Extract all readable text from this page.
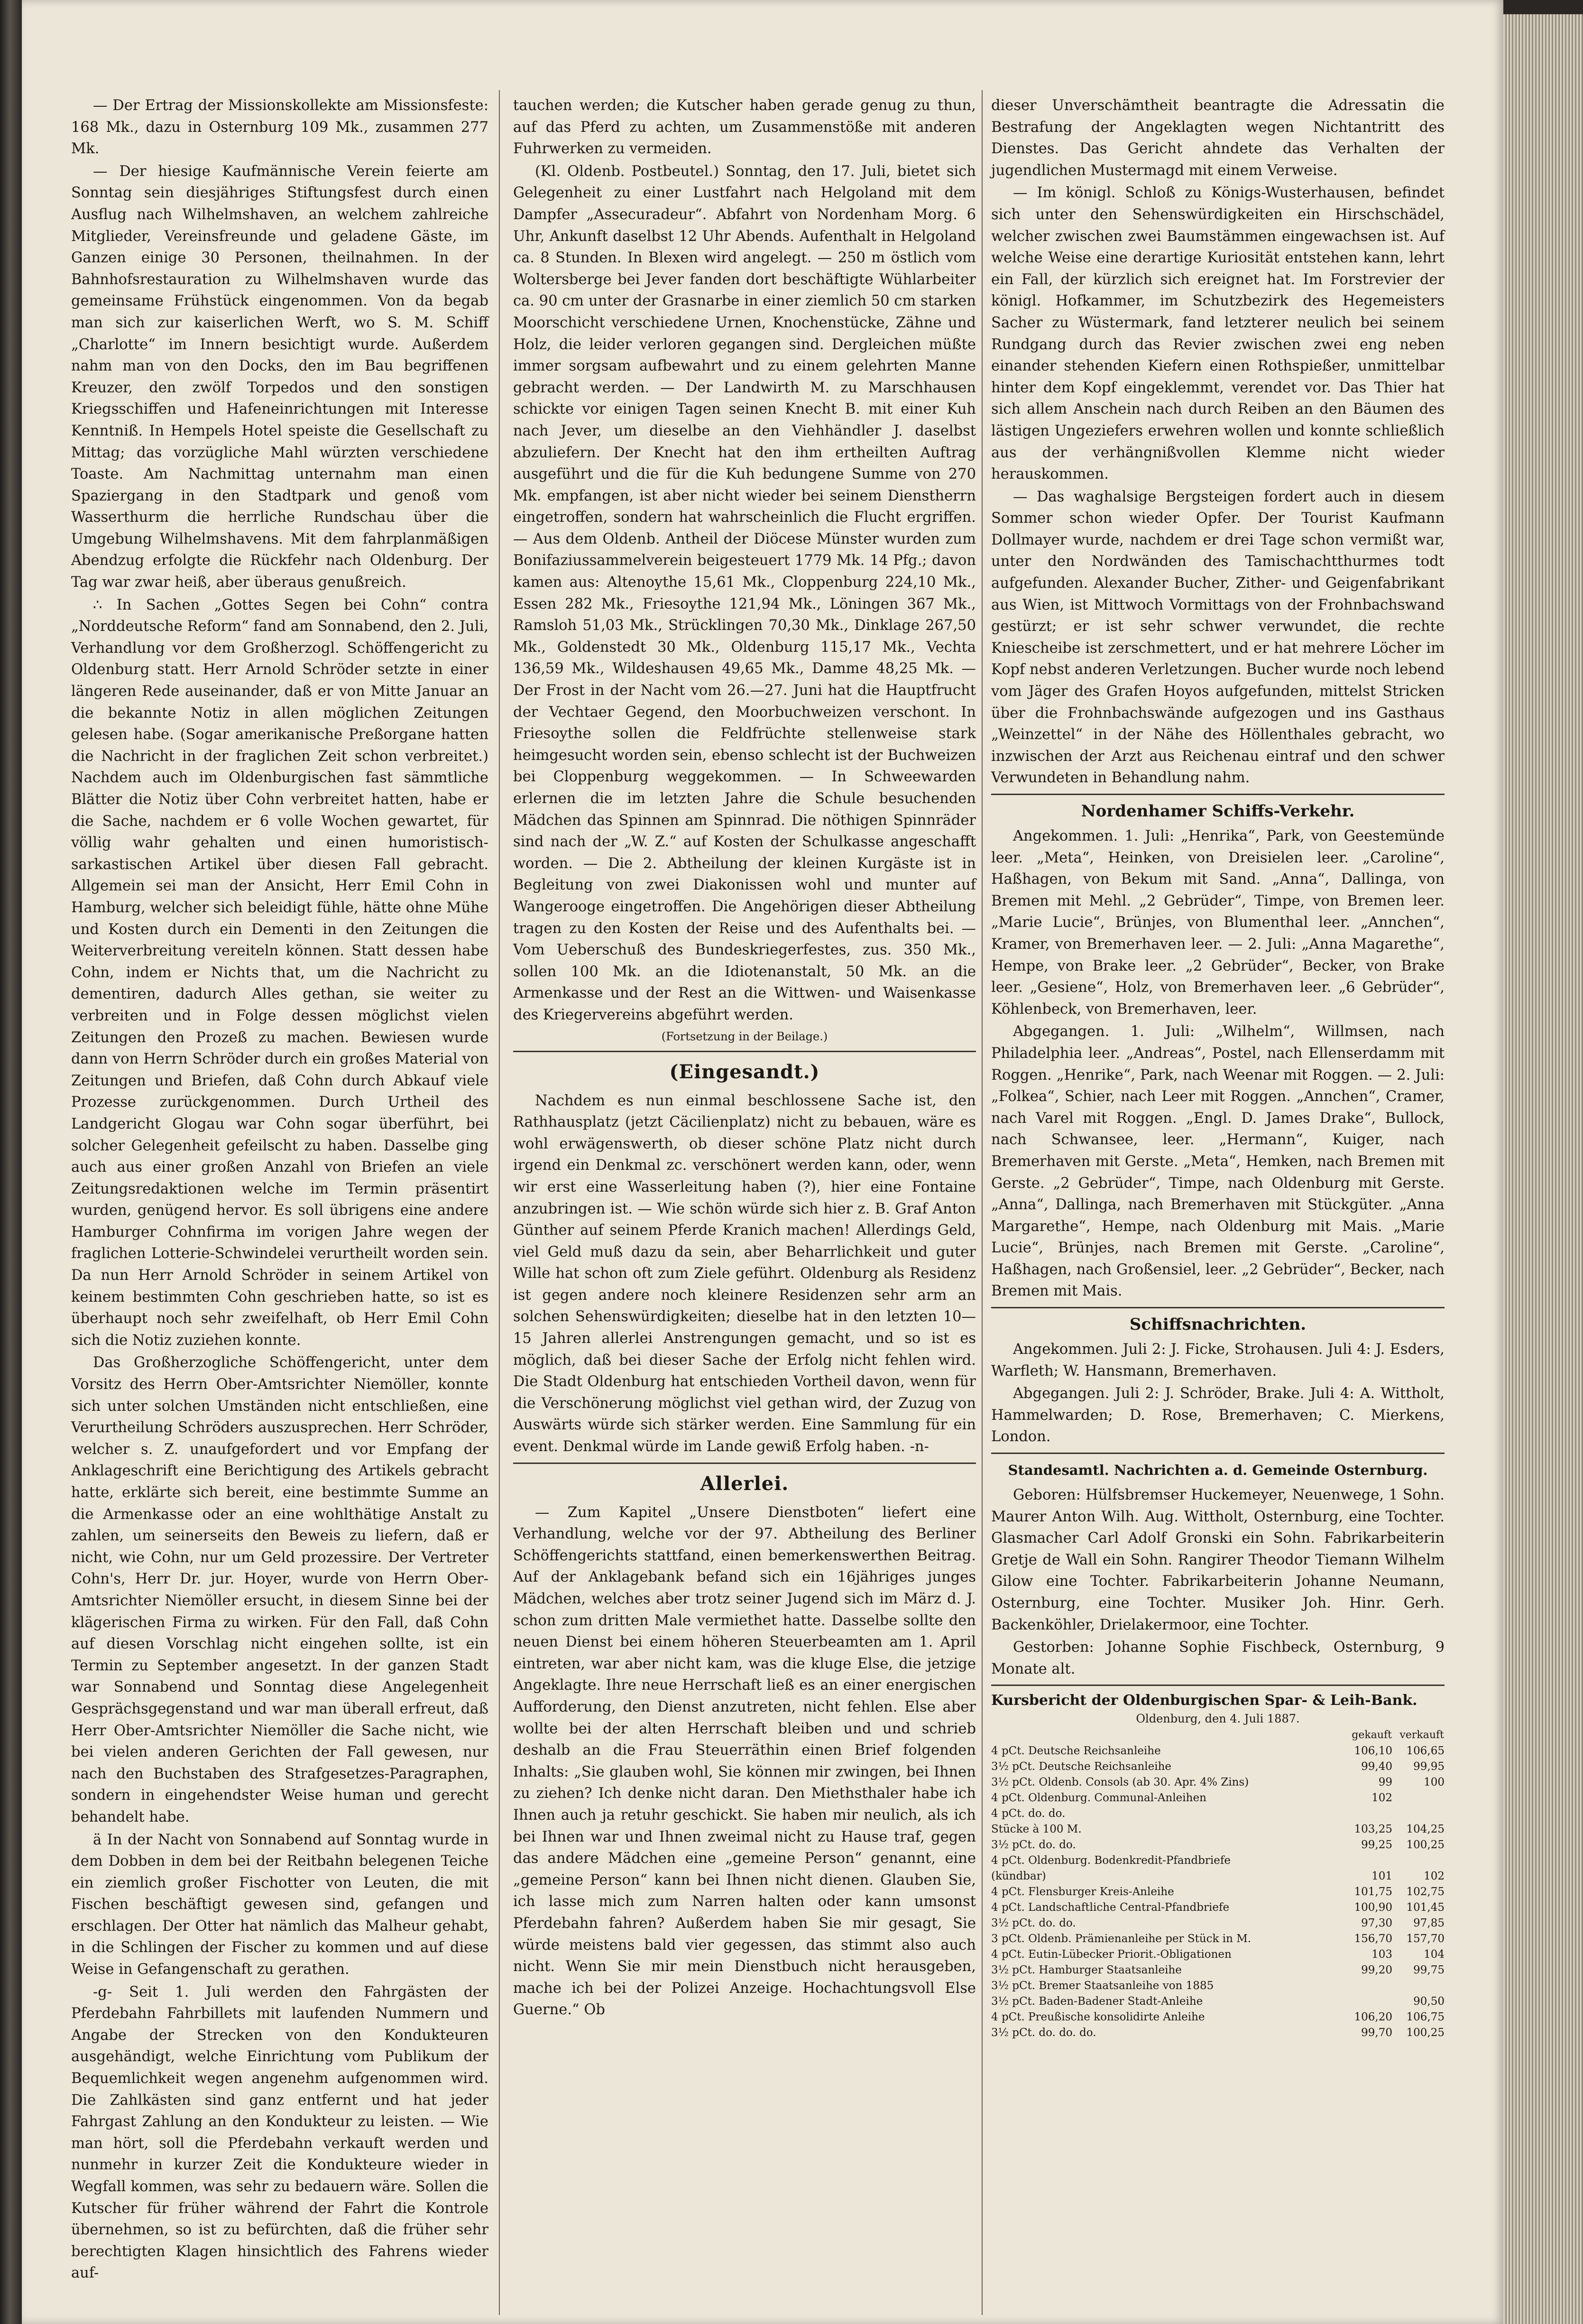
— Der Ertrag der Missionskollekte am Missionsfeste: 168 Mk., dazu in Osternburg 109 Mk., zusammen 277 Mk.

— Der hiesige Kaufmännische Verein feierte am Sonntag sein diesjähriges Stiftungsfest durch einen Ausflug nach Wilhelmshaven, an welchem zahlreiche Mitglieder, Vereinsfreunde und geladene Gäste, im Ganzen einige 30 Personen, theilnahmen. In der Bahnhofsrestauration zu Wilhelmshaven wurde das gemeinsame Frühstück eingenommen. Von da begab man sich zur kaiserlichen Werft, wo S. M. Schiff „Charlotte“ im Innern besichtigt wurde. Außerdem nahm man von den Docks, den im Bau begriffenen Kreuzer, den zwölf Torpedos und den sonstigen Kriegsschiffen und Hafeneinrichtungen mit Interesse Kenntniß. In Hempels Hotel speiste die Gesellschaft zu Mittag; das vorzügliche Mahl würzten verschiedene Toaste. Am Nachmittag unternahm man einen Spaziergang in den Stadtpark und genoß vom Wasserthurm die herrliche Rundschau über die Umgebung Wilhelmshavens. Mit dem fahrplanmäßigen Abendzug erfolgte die Rückfehr nach Oldenburg. Der Tag war zwar heiß, aber überaus genußreich.

∴ In Sachen „Gottes Segen bei Cohn“ contra „Norddeutsche Reform“ fand am Sonnabend, den 2. Juli, Verhandlung vor dem Großherzogl. Schöffengericht zu Oldenburg statt. Herr Arnold Schröder setzte in einer längeren Rede auseinander, daß er von Mitte Januar an die bekannte Notiz in allen möglichen Zeitungen gelesen habe. (Sogar amerikanische Preßorgane hatten die Nachricht in der fraglichen Zeit schon verbreitet.) Nachdem auch im Oldenburgischen fast sämmtliche Blätter die Notiz über Cohn verbreitet hatten, habe er die Sache, nachdem er 6 volle Wochen gewartet, für völlig wahr gehalten und einen humoristisch-sarkastischen Artikel über diesen Fall gebracht. Allgemein sei man der Ansicht, Herr Emil Cohn in Hamburg, welcher sich beleidigt fühle, hätte ohne Mühe und Kosten durch ein Dementi in den Zeitungen die Weiterverbreitung vereiteln können. Statt dessen habe Cohn, indem er Nichts that, um die Nachricht zu dementiren, dadurch Alles gethan, sie weiter zu verbreiten und in Folge dessen möglichst vielen Zeitungen den Prozeß zu machen. Bewiesen wurde dann von Herrn Schröder durch ein großes Material von Zeitungen und Briefen, daß Cohn durch Abkauf viele Prozesse zurückgenommen. Durch Urtheil des Landgericht Glogau war Cohn sogar überführt, bei solcher Gelegenheit gefeilscht zu haben. Dasselbe ging auch aus einer großen Anzahl von Briefen an viele Zeitungsredaktionen welche im Termin präsentirt wurden, genügend hervor. Es soll übrigens eine andere Hamburger Cohnfirma im vorigen Jahre wegen der fraglichen Lotterie-Schwindelei verurtheilt worden sein. Da nun Herr Arnold Schröder in seinem Artikel von keinem bestimmten Cohn geschrieben hatte, so ist es überhaupt noch sehr zweifelhaft, ob Herr Emil Cohn sich die Notiz zuziehen konnte.

Das Großherzogliche Schöffengericht, unter dem Vorsitz des Herrn Ober-Amtsrichter Niemöller, konnte sich unter solchen Umständen nicht entschließen, eine Verurtheilung Schröders auszusprechen. Herr Schröder, welcher s. Z. unaufgefordert und vor Empfang der Anklageschrift eine Berichtigung des Artikels gebracht hatte, erklärte sich bereit, eine bestimmte Summe an die Armenkasse oder an eine wohlthätige Anstalt zu zahlen, um seinerseits den Beweis zu liefern, daß er nicht, wie Cohn, nur um Geld prozessire. Der Vertreter Cohn's, Herr Dr. jur. Hoyer, wurde von Herrn Ober-Amtsrichter Niemöller ersucht, in diesem Sinne bei der klägerischen Firma zu wirken. Für den Fall, daß Cohn auf diesen Vorschlag nicht eingehen sollte, ist ein Termin zu September angesetzt. In der ganzen Stadt war Sonnabend und Sonntag diese Angelegenheit Gesprächsgegenstand und war man überall erfreut, daß Herr Ober-Amtsrichter Niemöller die Sache nicht, wie bei vielen anderen Gerichten der Fall gewesen, nur nach den Buchstaben des Strafgesetzes-Paragraphen, sondern in eingehendster Weise human und gerecht behandelt habe.

ä In der Nacht von Sonnabend auf Sonntag wurde in dem Dobben in dem bei der Reitbahn belegenen Teiche ein ziemlich großer Fischotter von Leuten, die mit Fischen beschäftigt gewesen sind, gefangen und erschlagen. Der Otter hat nämlich das Malheur gehabt, in die Schlingen der Fischer zu kommen und auf diese Weise in Gefangenschaft zu gerathen.

-g- Seit 1. Juli werden den Fahrgästen der Pferdebahn Fahrbillets mit laufenden Nummern und Angabe der Strecken von den Kondukteuren ausgehändigt, welche Einrichtung vom Publikum der Bequemlichkeit wegen angenehm aufgenommen wird. Die Zahlkästen sind ganz entfernt und hat jeder Fahrgast Zahlung an den Kondukteur zu leisten. — Wie man hört, soll die Pferdebahn verkauft werden und nunmehr in kurzer Zeit die Kondukteure wieder in Wegfall kommen, was sehr zu bedauern wäre. Sollen die Kutscher für früher während der Fahrt die Kontrole übernehmen, so ist zu befürchten, daß die früher sehr berechtigten Klagen hinsichtlich des Fahrens wieder auf-

tauchen werden; die Kutscher haben gerade genug zu thun, auf das Pferd zu achten, um Zusammenstöße mit anderen Fuhrwerken zu vermeiden.

(Kl. Oldenb. Postbeutel.) Sonntag, den 17. Juli, bietet sich Gelegenheit zu einer Lustfahrt nach Helgoland mit dem Dampfer „Assecuradeur“. Abfahrt von Nordenham Morg. 6 Uhr, Ankunft daselbst 12 Uhr Abends. Aufenthalt in Helgoland ca. 8 Stunden. In Blexen wird angelegt. — 250 m östlich vom Woltersberge bei Jever fanden dort beschäftigte Wühlarbeiter ca. 90 cm unter der Grasnarbe in einer ziemlich 50 cm starken Moorschicht verschiedene Urnen, Knochenstücke, Zähne und Holz, die leider verloren gegangen sind. Dergleichen müßte immer sorgsam aufbewahrt und zu einem gelehrten Manne gebracht werden. — Der Landwirth M. zu Marschhausen schickte vor einigen Tagen seinen Knecht B. mit einer Kuh nach Jever, um dieselbe an den Viehhändler J. daselbst abzuliefern. Der Knecht hat den ihm ertheilten Auftrag ausgeführt und die für die Kuh bedungene Summe von 270 Mk. empfangen, ist aber nicht wieder bei seinem Dienstherrn eingetroffen, sondern hat wahrscheinlich die Flucht ergriffen. — Aus dem Oldenb. Antheil der Diöcese Münster wurden zum Bonifaziussammelverein beigesteuert 1779 Mk. 14 Pfg.; davon kamen aus: Altenoythe 15,61 Mk., Cloppenburg 224,10 Mk., Essen 282 Mk., Friesoythe 121,94 Mk., Löningen 367 Mk., Ramsloh 51,03 Mk., Strücklingen 70,30 Mk., Dinklage 267,50 Mk., Goldenstedt 30 Mk., Oldenburg 115,17 Mk., Vechta 136,59 Mk., Wildeshausen 49,65 Mk., Damme 48,25 Mk. — Der Frost in der Nacht vom 26.—27. Juni hat die Hauptfrucht der Vechtaer Gegend, den Moorbuchweizen verschont. In Friesoythe sollen die Feldfrüchte stellenweise stark heimgesucht worden sein, ebenso schlecht ist der Buchweizen bei Cloppenburg weggekommen. — In Schweewarden erlernen die im letzten Jahre die Schule besuchenden Mädchen das Spinnen am Spinnrad. Die nöthigen Spinnräder sind nach der „W. Z.“ auf Kosten der Schulkasse angeschafft worden. — Die 2. Abtheilung der kleinen Kurgäste ist in Begleitung von zwei Diakonissen wohl und munter auf Wangerooge eingetroffen. Die Angehörigen dieser Abtheilung tragen zu den Kosten der Reise und des Aufenthalts bei. — Vom Ueberschuß des Bundeskriegerfestes, zus. 350 Mk., sollen 100 Mk. an die Idiotenanstalt, 50 Mk. an die Armenkasse und der Rest an die Wittwen- und Waisenkasse des Kriegervereins abgeführt werden.

(Fortsetzung in der Beilage.)
(Eingesandt.)

Nachdem es nun einmal beschlossene Sache ist, den Rathhausplatz (jetzt Cäcilienplatz) nicht zu bebauen, wäre es wohl erwägenswerth, ob dieser schöne Platz nicht durch irgend ein Denkmal zc. verschönert werden kann, oder, wenn wir erst eine Wasserleitung haben (?), hier eine Fontaine anzubringen ist. — Wie schön würde sich hier z. B. Graf Anton Günther auf seinem Pferde Kranich machen! Allerdings Geld, viel Geld muß dazu da sein, aber Beharrlichkeit und guter Wille hat schon oft zum Ziele geführt. Oldenburg als Residenz ist gegen andere noch kleinere Residenzen sehr arm an solchen Sehenswürdigkeiten; dieselbe hat in den letzten 10—15 Jahren allerlei Anstrengungen gemacht, und so ist es möglich, daß bei dieser Sache der Erfolg nicht fehlen wird. Die Stadt Oldenburg hat entschieden Vortheil davon, wenn für die Verschönerung möglichst viel gethan wird, der Zuzug von Auswärts würde sich stärker werden. Eine Sammlung für ein event. Denkmal würde im Lande gewiß Erfolg haben. -n-

Allerlei.

— Zum Kapitel „Unsere Dienstboten“ liefert eine Verhandlung, welche vor der 97. Abtheilung des Berliner Schöffengerichts stattfand, einen bemerkenswerthen Beitrag. Auf der Anklagebank befand sich ein 16jähriges junges Mädchen, welches aber trotz seiner Jugend sich im März d. J. schon zum dritten Male vermiethet hatte. Dasselbe sollte den neuen Dienst bei einem höheren Steuerbeamten am 1. April eintreten, war aber nicht kam, was die kluge Else, die jetzige Angeklagte. Ihre neue Herrschaft ließ es an einer energischen Aufforderung, den Dienst anzutreten, nicht fehlen. Else aber wollte bei der alten Herrschaft bleiben und und schrieb deshalb an die Frau Steuerräthin einen Brief folgenden Inhalts: „Sie glauben wohl, Sie können mir zwingen, bei Ihnen zu ziehen? Ich denke nicht daran. Den Miethsthaler habe ich Ihnen auch ja retuhr geschickt. Sie haben mir neulich, als ich bei Ihnen war und Ihnen zweimal nicht zu Hause traf, gegen das andere Mädchen eine „gemeine Person“ genannt, eine „gemeine Person“ kann bei Ihnen nicht dienen. Glauben Sie, ich lasse mich zum Narren halten oder kann umsonst Pferdebahn fahren? Außerdem haben Sie mir gesagt, Sie würde meistens bald vier gegessen, das stimmt also auch nicht. Wenn Sie mir mein Dienstbuch nicht herausgeben, mache ich bei der Polizei Anzeige. Hochachtungsvoll Else Guerne.“ Ob

dieser Unverschämtheit beantragte die Adressatin die Bestrafung der Angeklagten wegen Nichtantritt des Dienstes. Das Gericht ahndete das Verhalten der jugendlichen Mustermagd mit einem Verweise.

— Im königl. Schloß zu Königs-Wusterhausen, befindet sich unter den Sehenswürdigkeiten ein Hirschschädel, welcher zwischen zwei Baumstämmen eingewachsen ist. Auf welche Weise eine derartige Kuriosität entstehen kann, lehrt ein Fall, der kürzlich sich ereignet hat. Im Forstrevier der königl. Hofkammer, im Schutzbezirk des Hegemeisters Sacher zu Wüstermark, fand letzterer neulich bei seinem Rundgang durch das Revier zwischen zwei eng neben einander stehenden Kiefern einen Rothspießer, unmittelbar hinter dem Kopf eingeklemmt, verendet vor. Das Thier hat sich allem Anschein nach durch Reiben an den Bäumen des lästigen Ungeziefers erwehren wollen und konnte schließlich aus der verhängnißvollen Klemme nicht wieder herauskommen.

— Das waghalsige Bergsteigen fordert auch in diesem Sommer schon wieder Opfer. Der Tourist Kaufmann Dollmayer wurde, nachdem er drei Tage schon vermißt war, unter den Nordwänden des Tamischachtthurmes todt aufgefunden. Alexander Bucher, Zither- und Geigenfabrikant aus Wien, ist Mittwoch Vormittags von der Frohnbachswand gestürzt; er ist sehr schwer verwundet, die rechte Kniescheibe ist zerschmettert, und er hat mehrere Löcher im Kopf nebst anderen Verletzungen. Bucher wurde noch lebend vom Jäger des Grafen Hoyos aufgefunden, mittelst Stricken über die Frohnbachswände aufgezogen und ins Gasthaus „Weinzettel“ in der Nähe des Höllenthales gebracht, wo inzwischen der Arzt aus Reichenau eintraf und den schwer Verwundeten in Behandlung nahm.

Nordenhamer Schiffs-Verkehr.

Angekommen. 1. Juli: „Henrika“, Park, von Geestemünde leer. „Meta“, Heinken, von Dreisielen leer. „Caroline“, Haßhagen, von Bekum mit Sand. „Anna“, Dallinga, von Bremen mit Mehl. „2 Gebrüder“, Timpe, von Bremen leer. „Marie Lucie“, Brünjes, von Blumenthal leer. „Annchen“, Kramer, von Bremerhaven leer. — 2. Juli: „Anna Magarethe“, Hempe, von Brake leer. „2 Gebrüder“, Becker, von Brake leer. „Gesiene“, Holz, von Bremerhaven leer. „6 Gebrüder“, Köhlenbeck, von Bremerhaven, leer.

Abgegangen. 1. Juli: „Wilhelm“, Willmsen, nach Philadelphia leer. „Andreas“, Postel, nach Ellenserdamm mit Roggen. „Henrike“, Park, nach Weenar mit Roggen. — 2. Juli: „Folkea“, Schier, nach Leer mit Roggen. „Annchen“, Cramer, nach Varel mit Roggen. „Engl. D. James Drake“, Bullock, nach Schwansee, leer. „Hermann“, Kuiger, nach Bremerhaven mit Gerste. „Meta“, Hemken, nach Bremen mit Gerste. „2 Gebrüder“, Timpe, nach Oldenburg mit Gerste. „Anna“, Dallinga, nach Bremerhaven mit Stückgüter. „Anna Margarethe“, Hempe, nach Oldenburg mit Mais. „Marie Lucie“, Brünjes, nach Bremen mit Gerste. „Caroline“, Haßhagen, nach Großensiel, leer. „2 Gebrüder“, Becker, nach Bremen mit Mais.

Schiffsnachrichten.

Angekommen. Juli 2: J. Ficke, Strohausen. Juli 4: J. Esders, Warfleth; W. Hansmann, Bremerhaven.

Abgegangen. Juli 2: J. Schröder, Brake. Juli 4: A. Wittholt, Hammelwarden; D. Rose, Bremerhaven; C. Mierkens, London.

Standesamtl. Nachrichten a. d. Gemeinde Osternburg.

Geboren: Hülfsbremser Huckemeyer, Neuenwege, 1 Sohn. Maurer Anton Wilh. Aug. Wittholt, Osternburg, eine Tochter. Glasmacher Carl Adolf Gronski ein Sohn. Fabrikarbeiterin Gretje de Wall ein Sohn. Rangirer Theodor Tiemann Wilhelm Gilow eine Tochter. Fabrikarbeiterin Johanne Neumann, Osternburg, eine Tochter. Musiker Joh. Hinr. Gerh. Backenköhler, Drielakermoor, eine Tochter.

Gestorben: Johanne Sophie Fischbeck, Osternburg, 9 Monate alt.

Kursbericht der Oldenburgischen Spar- & Leih-Bank.
Oldenburg, den 4. Juli 1887.
	gekauft	verkauft
4 pCt. Deutsche Reichsanleihe	106,10	106,65
3½ pCt. Deutsche Reichsanleihe	99,40	99,95
3½ pCt. Oldenb. Consols (ab 30. Apr. 4% Zins)	99	100
4 pCt. Oldenburg. Communal-Anleihen	102	
4 pCt. do. do.		
Stücke à 100 M.	103,25	104,25
3½ pCt. do. do.	99,25	100,25
4 pCt. Oldenburg. Bodenkredit-Pfandbriefe		
(kündbar)	101	102
4 pCt. Flensburger Kreis-Anleihe	101,75	102,75
4 pCt. Landschaftliche Central-Pfandbriefe	100,90	101,45
3½ pCt. do. do.	97,30	97,85
3 pCt. Oldenb. Prämienanleihe per Stück in M.	156,70	157,70
4 pCt. Eutin-Lübecker Priorit.-Obligationen	103	104
3½ pCt. Hamburger Staatsanleihe	99,20	99,75
3½ pCt. Bremer Staatsanleihe von 1885		
3½ pCt. Baden-Badener Stadt-Anleihe		90,50
4 pCt. Preußische konsolidirte Anleihe	106,20	106,75
3½ pCt. do. do. do.	99,70	100,25
